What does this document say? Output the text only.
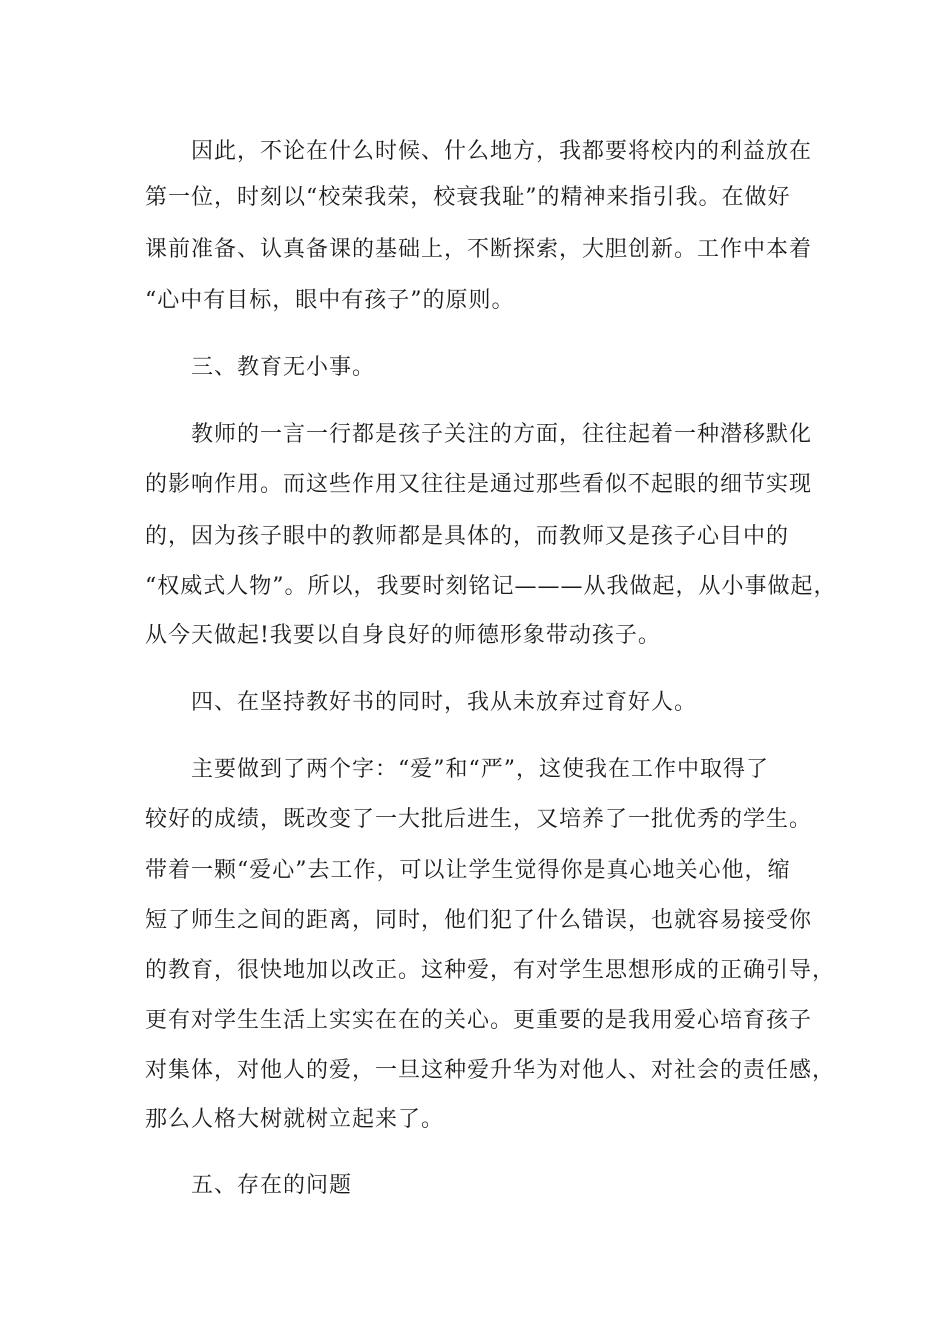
因此，不论在什么时候、什么地方，我都要将校内的利益放在
第一位，时刻以“校荣我荣，校衰我耻”的精神来指引我。在做好
课前准备、认真备课的基础上，不断探索，大胆创新。工作中本着
“心中有目标，眼中有孩子”的原则。
三、教育无小事。
教师的一言一行都是孩子关注的方面，往往起着一种潜移默化
的影响作用。而这些作用又往往是通过那些看似不起眼的细节实现
的，因为孩子眼中的教师都是具体的，而教师又是孩子心目中的
“权威式人物”。所以，我要时刻铭记———从我做起，从小事做起，
从今天做起!我要以自身良好的师德形象带动孩子。
四、在坚持教好书的同时，我从未放弃过育好人。
主要做到了两个字：“爱”和“严”，这使我在工作中取得了
较好的成绩，既改变了一大批后进生，又培养了一批优秀的学生。
带着一颗“爱心”去工作，可以让学生觉得你是真心地关心他，缩
短了师生之间的距离，同时，他们犯了什么错误，也就容易接受你
的教育，很快地加以改正。这种爱，有对学生思想形成的正确引导，
更有对学生生活上实实在在的关心。更重要的是我用爱心培育孩子
对集体，对他人的爱，一旦这种爱升华为对他人、对社会的责任感，
那么人格大树就树立起来了。
五、存在的问题
